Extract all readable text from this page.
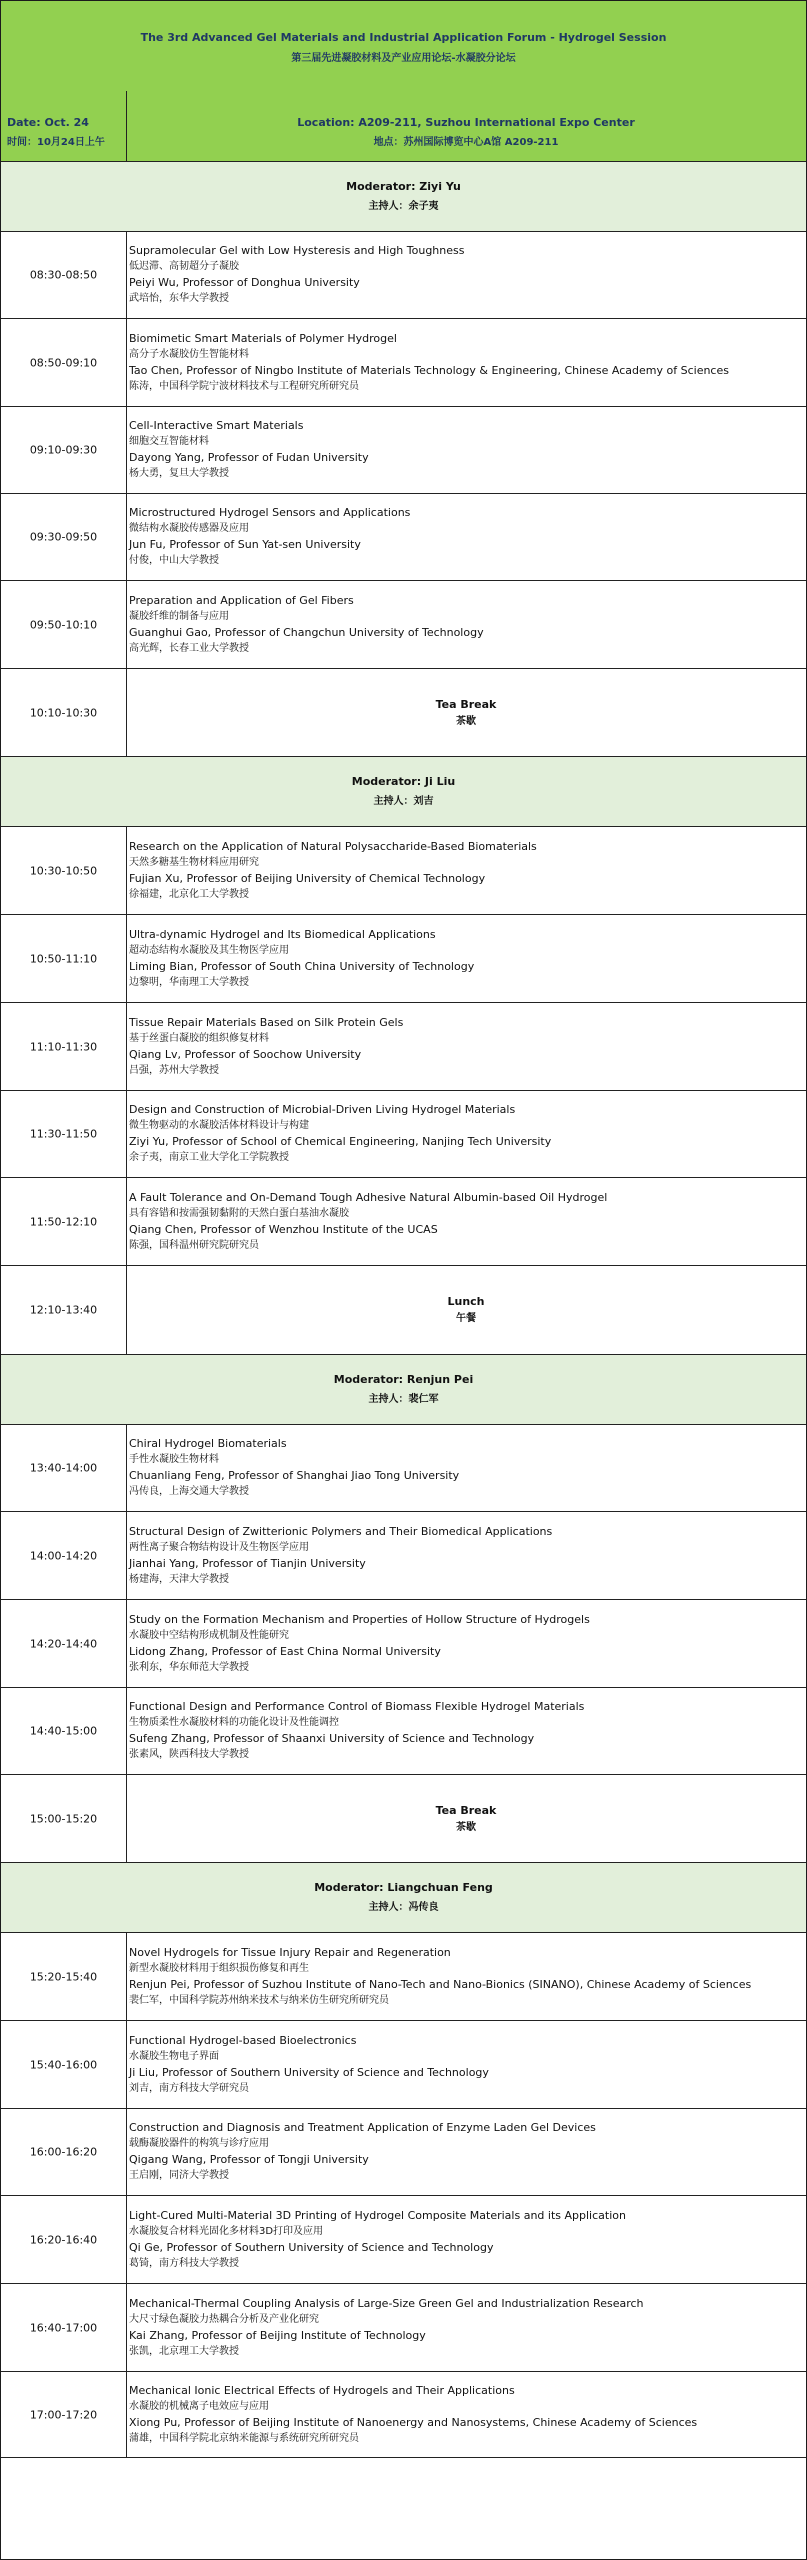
The 3rd Advanced Gel Materials and Industrial Application Forum - Hydrogel Session
第三届先进凝胶材料及产业应用论坛-水凝胶分论坛
Date: Oct. 24
时间：10月24日上午
Location: A209-211, Suzhou International Expo Center
地点：苏州国际博览中心A馆 A209-211
Moderator: Ziyi Yu
主持人：余子夷
08:30-08:50
Supramolecular Gel with Low Hysteresis and High Toughness
低迟滞、高韧超分子凝胶
Peiyi Wu, Professor of Donghua University
武培怡，东华大学教授
08:50-09:10
Biomimetic Smart Materials of Polymer Hydrogel
高分子水凝胶仿生智能材料
Tao Chen, Professor of Ningbo Institute of Materials Technology & Engineering, Chinese Academy of Sciences
陈涛，中国科学院宁波材料技术与工程研究所研究员
09:10-09:30
Cell-Interactive Smart Materials
细胞交互智能材料
Dayong Yang, Professor of Fudan University
杨大勇，复旦大学教授
09:30-09:50
Microstructured Hydrogel Sensors and Applications
微结构水凝胶传感器及应用
Jun Fu, Professor of Sun Yat-sen University
付俊，中山大学教授
09:50-10:10
Preparation and Application of Gel Fibers
凝胶纤维的制备与应用
Guanghui Gao, Professor of Changchun University of Technology
高光辉，长春工业大学教授
10:10-10:30
Tea Break
茶歇
Moderator: Ji Liu
主持人：刘吉
10:30-10:50
Research on the Application of Natural Polysaccharide-Based Biomaterials
天然多糖基生物材料应用研究
Fujian Xu, Professor of Beijing University of Chemical Technology
徐福建，北京化工大学教授
10:50-11:10
Ultra-dynamic Hydrogel and Its Biomedical Applications
超动态结构水凝胶及其生物医学应用
Liming Bian, Professor of South China University of Technology
边黎明，华南理工大学教授
11:10-11:30
Tissue Repair Materials Based on Silk Protein Gels
基于丝蛋白凝胶的组织修复材料
Qiang Lv, Professor of Soochow University
吕强，苏州大学教授
11:30-11:50
Design and Construction of Microbial-Driven Living Hydrogel Materials
微生物驱动的水凝胶活体材料设计与构建
Ziyi Yu, Professor of School of Chemical Engineering, Nanjing Tech University
余子夷，南京工业大学化工学院教授
11:50-12:10
A Fault Tolerance and On-Demand Tough Adhesive Natural Albumin-based Oil Hydrogel
具有容错和按需强韧黏附的天然白蛋白基油水凝胶
Qiang Chen, Professor of Wenzhou Institute of the UCAS
陈强，国科温州研究院研究员
12:10-13:40
Lunch
午餐
Moderator: Renjun Pei
主持人：裴仁军
13:40-14:00
Chiral Hydrogel Biomaterials
手性水凝胶生物材料
Chuanliang Feng, Professor of Shanghai Jiao Tong University
冯传良，上海交通大学教授
14:00-14:20
Structural Design of Zwitterionic Polymers and Their Biomedical Applications
两性离子聚合物结构设计及生物医学应用
Jianhai Yang, Professor of Tianjin University
杨建海，天津大学教授
14:20-14:40
Study on the Formation Mechanism and Properties of Hollow Structure of Hydrogels
水凝胶中空结构形成机制及性能研究
Lidong Zhang, Professor of East China Normal University
张利东，华东师范大学教授
14:40-15:00
Functional Design and Performance Control of Biomass Flexible Hydrogel Materials
生物质柔性水凝胶材料的功能化设计及性能调控
Sufeng Zhang, Professor of Shaanxi University of Science and Technology
张素风，陕西科技大学教授
15:00-15:20
Tea Break
茶歇
Moderator: Liangchuan Feng
主持人：冯传良
15:20-15:40
Novel Hydrogels for Tissue Injury Repair and Regeneration
新型水凝胶材料用于组织损伤修复和再生
Renjun Pei, Professor of Suzhou Institute of Nano-Tech and Nano-Bionics (SINANO), Chinese Academy of Sciences
裴仁军，中国科学院苏州纳米技术与纳米仿生研究所研究员
15:40-16:00
Functional Hydrogel-based Bioelectronics
水凝胶生物电子界面
Ji Liu, Professor of Southern University of Science and Technology
刘吉，南方科技大学研究员
16:00-16:20
Construction and Diagnosis and Treatment Application of Enzyme Laden Gel Devices
载酶凝胶器件的构筑与诊疗应用
Qigang Wang, Professor of Tongji University
王启刚，同济大学教授
16:20-16:40
Light-Cured Multi-Material 3D Printing of Hydrogel Composite Materials and its Application
水凝胶复合材料光固化多材料3D打印及应用
Qi Ge, Professor of Southern University of Science and Technology
葛锜，南方科技大学教授
16:40-17:00
Mechanical-Thermal Coupling Analysis of Large-Size Green Gel and Industrialization Research
大尺寸绿色凝胶力热耦合分析及产业化研究
Kai Zhang, Professor of Beijing Institute of Technology
张凯，北京理工大学教授
17:00-17:20
Mechanical Ionic Electrical Effects of Hydrogels and Their Applications
水凝胶的机械离子电效应与应用
Xiong Pu, Professor of Beijing Institute of Nanoenergy and Nanosystems, Chinese Academy of Sciences
蒲雄，中国科学院北京纳米能源与系统研究所研究员
